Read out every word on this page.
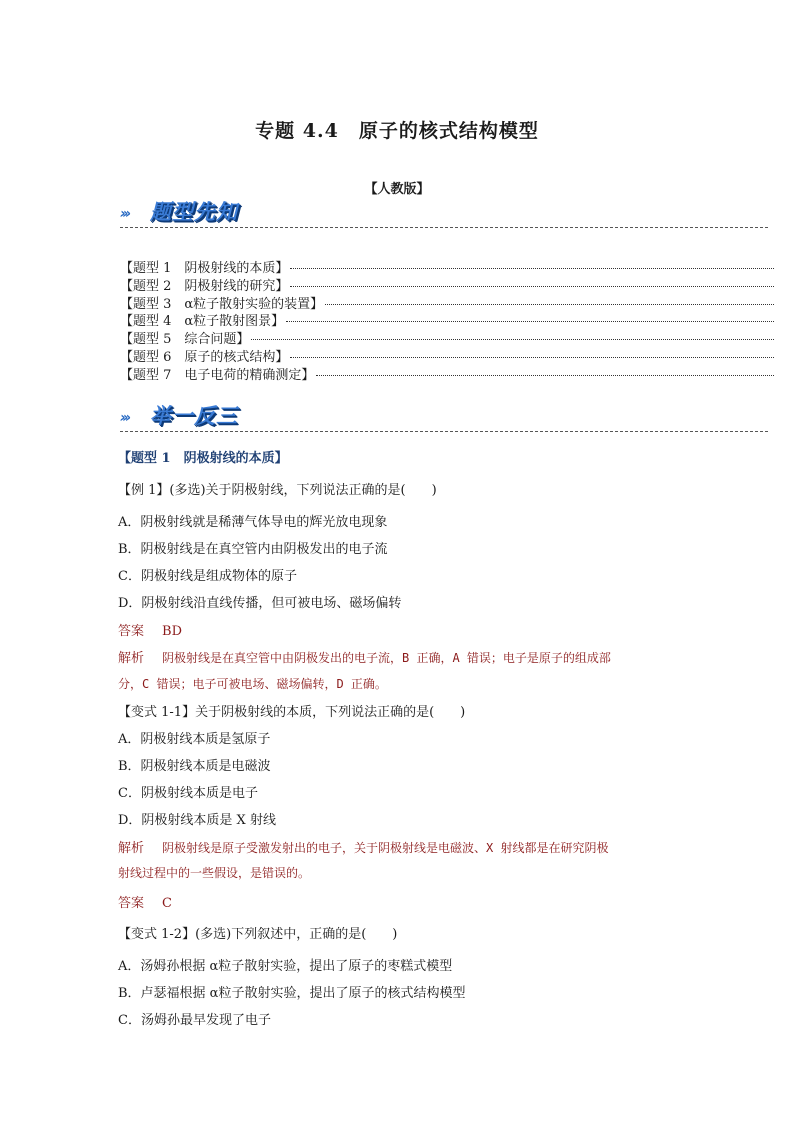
专题 4.4　原子的核式结构模型
【人教版】
››› 题型先知
【题型 1　阴极射线的本质】
【题型 2　阴极射线的研究】
【题型 3　α粒子散射实验的装置】
【题型 4　α粒子散射图景】
【题型 5　综合问题】
【题型 6　原子的核式结构】
【题型 7　电子电荷的精确测定】
››› 举一反三
【题型 1　阴极射线的本质】
【例 1】(多选)关于阴极射线，下列说法正确的是(　　)
A．阴极射线就是稀薄气体导电的辉光放电现象
B．阴极射线是在真空管内由阴极发出的电子流
C．阴极射线是组成物体的原子
D．阴极射线沿直线传播，但可被电场、磁场偏转
答案 BD
解析 阴极射线是在真空管中由阴极发出的电子流，B 正确，A 错误；电子是原子的组成部
分，C 错误；电子可被电场、磁场偏转，D 正确。
【变式 1-1】关于阴极射线的本质，下列说法正确的是(　　)
A．阴极射线本质是氢原子
B．阴极射线本质是电磁波
C．阴极射线本质是电子
D．阴极射线本质是 X 射线
解析 阴极射线是原子受激发射出的电子，关于阴极射线是电磁波、X 射线都是在研究阴极
射线过程中的一些假设，是错误的。
答案 C
【变式 1-2】(多选)下列叙述中，正确的是(　　)
A．汤姆孙根据 α粒子散射实验，提出了原子的枣糕式模型
B．卢瑟福根据 α粒子散射实验，提出了原子的核式结构模型
C．汤姆孙最早发现了电子
